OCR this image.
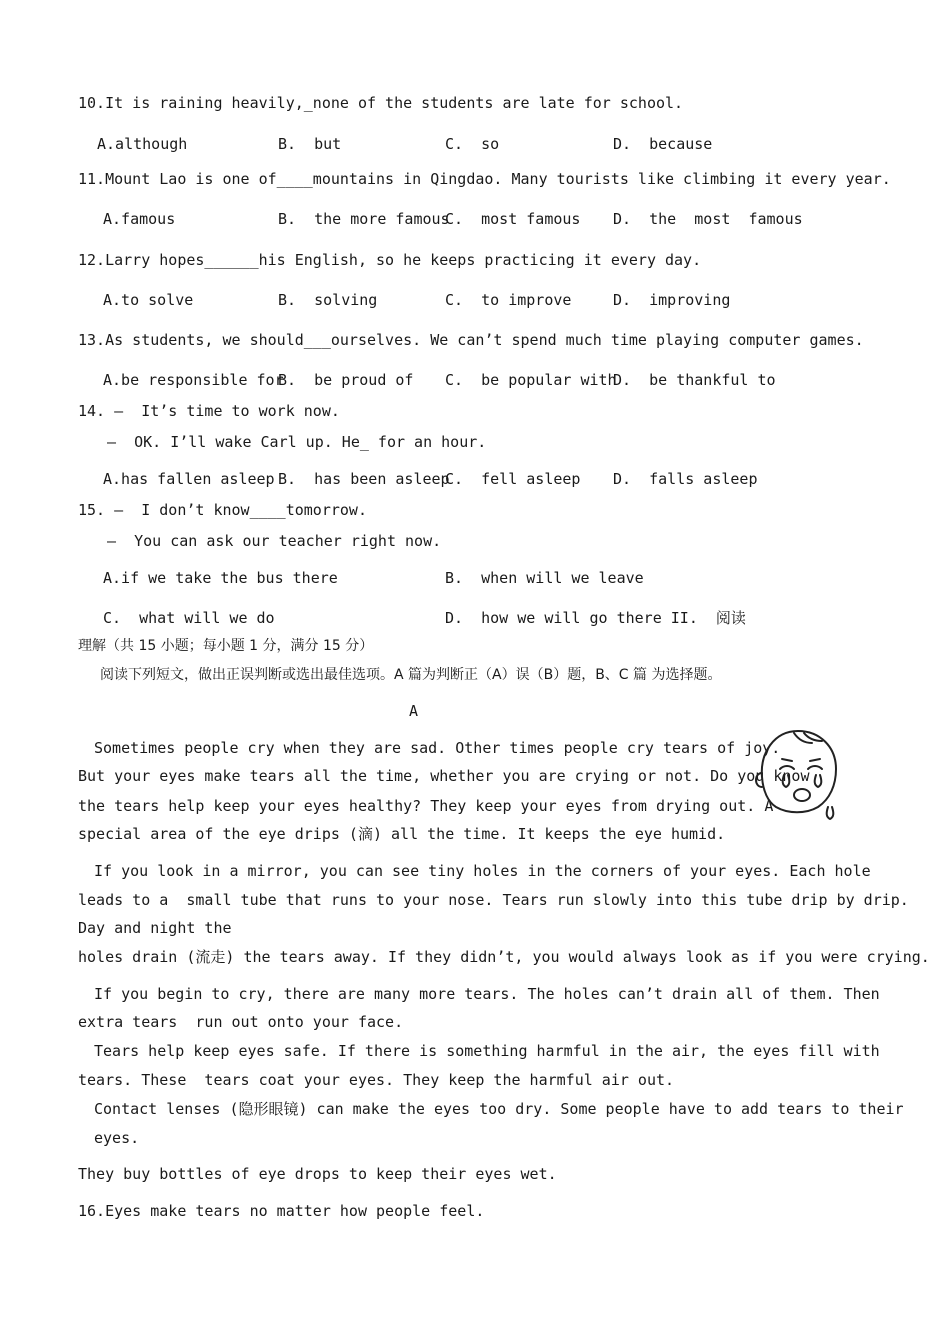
10.It is raining heavily,_none of the students are late for school.
A.although	B.  but	C.  so	D.  because
11.Mount Lao is one of____mountains in Qingdao. Many tourists like climbing it every year.
A.famous	B.  the more famous
C.  most famous D.  the  most  famous
12.Larry hopes______his English, so he keeps practicing it every day.
A.to solve	B.  solving	C.  to improve	D.  improving
13.As students, we should___ourselves. We can’t spend much time playing computer games.
A.be responsible for
B.  be proud of C.  be popular with
D.  be thankful to
14. —  It’s time to work now.
—  OK. I’ll wake Carl up. He_ for an hour.
A.has fallen asleep B.  has been asleep
C.  fell asleep D.  falls asleep
15. —  I don’t know____tomorrow.
—  You can ask our teacher right now.
A.if we take the bus there	B.  when will we leave
C.  what will we do	D.  how we will go there II.  阅读
理解（共 15 小题；每小题 1 分，满分 15 分）
阅读下列短文，做出正误判断或选出最佳选项。A 篇为判断正（A）误（B）题，B、C 篇 为选择题。
A
Sometimes people cry when they are sad. Other times people cry tears of joy.
But your eyes make tears all the time, whether you are crying or not. Do you know
the tears help keep your eyes healthy? They keep your eyes from drying out. A
special area of the eye drips (滴) all the time. It keeps the eye humid.
If you look in a mirror, you can see tiny holes in the corners of your eyes. Each hole
leads to a  small tube that runs to your nose. Tears run slowly into this tube drip by drip.
Day and night the
holes drain (流走) the tears away. If they didn’t, you would always look as if you were crying.
If you begin to cry, there are many more tears. The holes can’t drain all of them. Then
extra tears  run out onto your face.
Tears help keep eyes safe. If there is something harmful in the air, the eyes fill with
tears. These  tears coat your eyes. They keep the harmful air out.
Contact lenses (隐形眼镜) can make the eyes too dry. Some people have to add tears to their
eyes.
They buy bottles of eye drops to keep their eyes wet.
16.Eyes make tears no matter how people feel.
